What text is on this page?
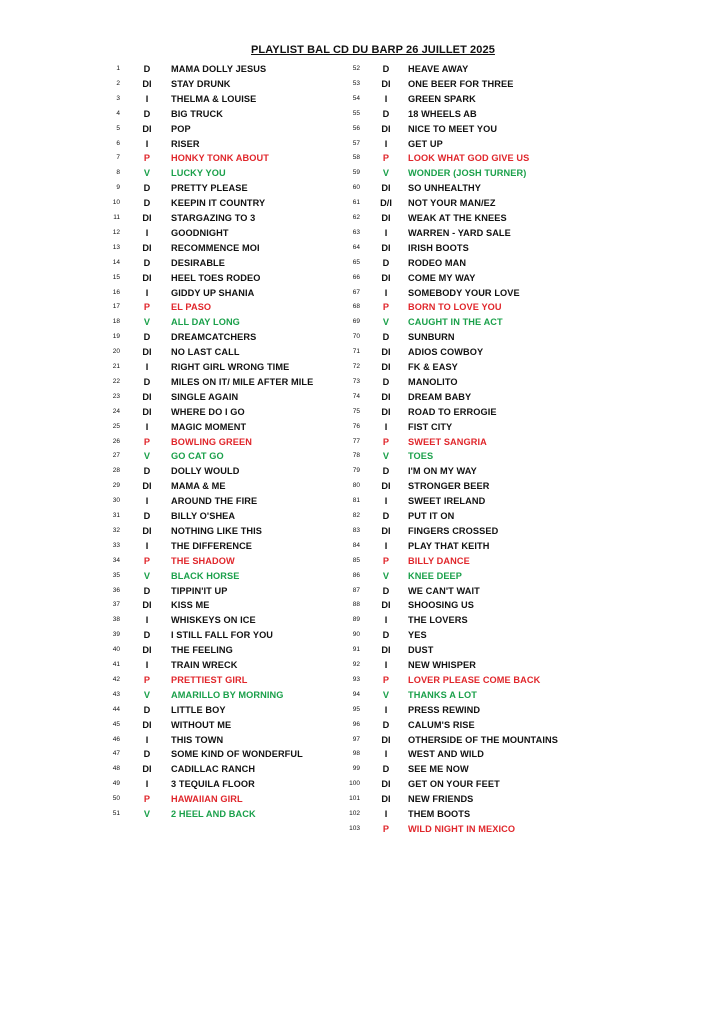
PLAYLIST BAL CD DU BARP 26 JUILLET 2025
1	D	MAMA DOLLY JESUS
2	DI	STAY DRUNK
3	I	THELMA & LOUISE
4	D	BIG TRUCK
5	DI	POP
6	I	RISER
7	P	HONKY TONK ABOUT
8	V	LUCKY YOU
9	D	PRETTY PLEASE
10	D	KEEPIN IT COUNTRY
11	DI	STARGAZING TO 3
12	I	GOODNIGHT
13	DI	RECOMMENCE MOI
14	D	DESIRABLE
15	DI	HEEL TOES RODEO
16	I	GIDDY UP SHANIA
17	P	EL PASO
18	V	ALL DAY LONG
19	D	DREAMCATCHERS
20	DI	NO LAST CALL
21	I	RIGHT GIRL WRONG TIME
22	D	MILES ON IT/ MILE AFTER MILE
23	DI	SINGLE AGAIN
24	DI	WHERE DO I GO
25	I	MAGIC MOMENT
26	P	BOWLING GREEN
27	V	GO CAT GO
28	D	DOLLY WOULD
29	DI	MAMA & ME
30	I	AROUND THE FIRE
31	D	BILLY O'SHEA
32	DI	NOTHING LIKE THIS
33	I	THE DIFFERENCE
34	P	THE SHADOW
35	V	BLACK HORSE
36	D	TIPPIN'IT UP
37	DI	KISS ME
38	I	WHISKEYS ON ICE
39	D	I STILL FALL FOR YOU
40	DI	THE FEELING
41	I	TRAIN WRECK
42	P	PRETTIEST GIRL
43	V	AMARILLO BY MORNING
44	D	LITTLE BOY
45	DI	WITHOUT ME
46	I	THIS TOWN
47	D	SOME KIND OF WONDERFUL
48	DI	CADILLAC RANCH
49	I	3 TEQUILA FLOOR
50	P	HAWAIIAN GIRL
51	V	2 HEEL AND BACK
52	D	HEAVE AWAY
53	DI	ONE BEER FOR THREE
54	I	GREEN SPARK
55	D	18 WHEELS AB
56	DI	NICE TO MEET YOU
57	I	GET UP
58	P	LOOK WHAT GOD GIVE US
59	V	WONDER (JOSH TURNER)
60	DI	SO UNHEALTHY
61	D/I	NOT YOUR MAN/EZ
62	DI	WEAK AT THE KNEES
63	I	WARREN - YARD SALE
64	DI	IRISH BOOTS
65	D	RODEO MAN
66	DI	COME MY WAY
67	I	SOMEBODY YOUR LOVE
68	P	BORN TO LOVE YOU
69	V	CAUGHT IN THE ACT
70	D	SUNBURN
71	DI	ADIOS COWBOY
72	DI	FK & EASY
73	D	MANOLITO
74	DI	DREAM BABY
75	DI	ROAD TO ERROGIE
76	I	FIST CITY
77	P	SWEET SANGRIA
78	V	TOES
79	D	I'M ON MY WAY
80	DI	STRONGER BEER
81	I	SWEET IRELAND
82	D	PUT IT ON
83	DI	FINGERS CROSSED
84	I	PLAY THAT KEITH
85	P	BILLY DANCE
86	V	KNEE DEEP
87	D	WE CAN'T WAIT
88	DI	SHOOSING US
89	I	THE LOVERS
90	D	YES
91	DI	DUST
92	I	NEW WHISPER
93	P	LOVER PLEASE COME BACK
94	V	THANKS A LOT
95	I	PRESS REWIND
96	D	CALUM'S RISE
97	DI	OTHERSIDE OF THE MOUNTAINS
98	I	WEST AND WILD
99	D	SEE ME NOW
100	DI	GET ON YOUR FEET
101	DI	NEW FRIENDS
102	I	THEM BOOTS
103	P	WILD NIGHT IN MEXICO
